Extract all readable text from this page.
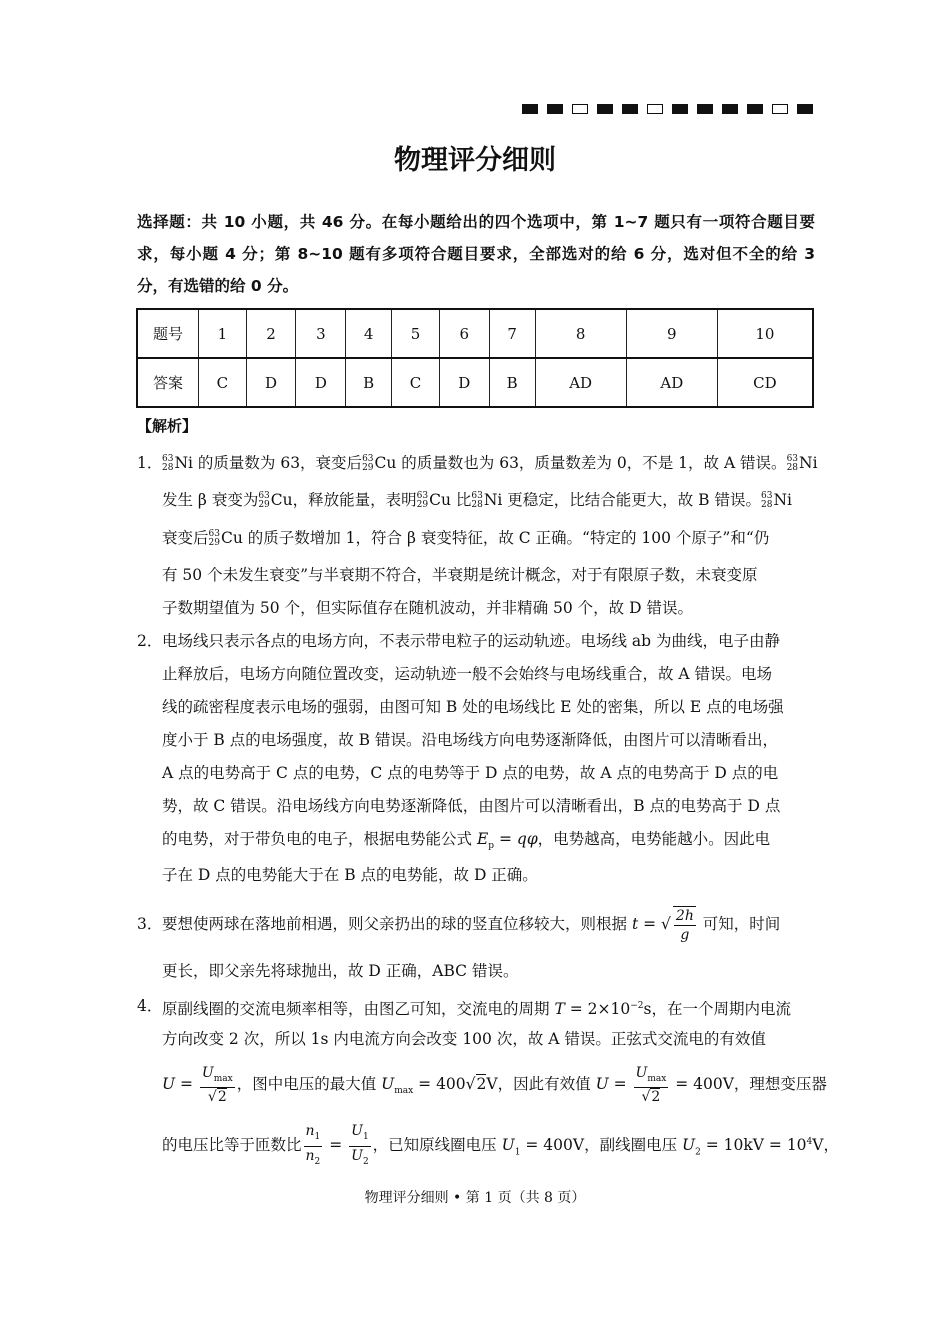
物理评分细则
选择题：共 10 小题，共 46 分。在每小题给出的四个选项中，第 1~7 题只有一项符合题目要求，每小题 4 分；第 8~10 题有多项符合题目要求，全部选对的给 6 分，选对但不全的给 3 分，有选错的给 0 分。
题号	1	2	3	4	5	6	7	8	9	10
答案	C	D	D	B	C	D	B	AD	AD	CD
【解析】
1． 63
28Ni 的质量数为 63，衰变后63
29Cu 的质量数也为 63，质量数差为 0，不是 1，故 A 错误。63
28Ni
发生 β 衰变为63
29Cu，释放能量，表明63
29Cu 比63
28Ni 更稳定，比结合能更大，故 B 错误。63
28Ni
衰变后63
29Cu 的质子数增加 1，符合 β 衰变特征，故 C 正确。“特定的 100 个原子”和“仍
有 50 个未发生衰变”与半衰期不符合，半衰期是统计概念，对于有限原子数，未衰变原
子数期望值为 50 个，但实际值存在随机波动，并非精确 50 个，故 D 错误。
2． 电场线只表示各点的电场方向，不表示带电粒子的运动轨迹。电场线 ab 为曲线，电子由静
止释放后，电场方向随位置改变，运动轨迹一般不会始终与电场线重合，故 A 错误。电场
线的疏密程度表示电场的强弱，由图可知 B 处的电场线比 E 处的密集，所以 E 点的电场强
度小于 B 点的电场强度，故 B 错误。沿电场线方向电势逐渐降低，由图片可以清晰看出，
A 点的电势高于 C 点的电势，C 点的电势等于 D 点的电势，故 A 点的电势高于 D 点的电
势，故 C 错误。沿电场线方向电势逐渐降低，由图片可以清晰看出，B 点的电势高于 D 点
的电势，对于带负电的电子，根据电势能公式 $E_p = q\varphi$，电势越高，电势能越小。因此电
子在 D 点的电势能大于在 B 点的电势能，故 D 正确。
3． 要想使两球在落地前相遇，则父亲扔出的球的竖直位移较大，则根据 t = √ $\frac{2h}{g}$ 可知，时间
更长，即父亲先将球抛出，故 D 正确，ABC 错误。
4． 原副线圈的交流电频率相等，由图乙可知，交流电的周期 $T = 2\times 10^{-2}s$，在一个周期内电流
方向改变 2 次，所以 1s 内电流方向会改变 100 次，故 A 错误。正弦式交流电的有效值
$U = \frac{U_{max}}{√2}$ ，图中电压的最大值 $U_{max} = 400√2V$，因此有效值 $U = \frac{U_{max}}{√2} = 400V$，理想变压器
的电压比等于匝数比 $\frac{n_1}{n_2} = \frac{U_1}{U_2}$ ，已知原线圈电压 $U_1 = 400V$，副线圈电压 $U_2 = 10kV = 10^4V$，
物理评分细则 • 第 1 页（共 8 页）
